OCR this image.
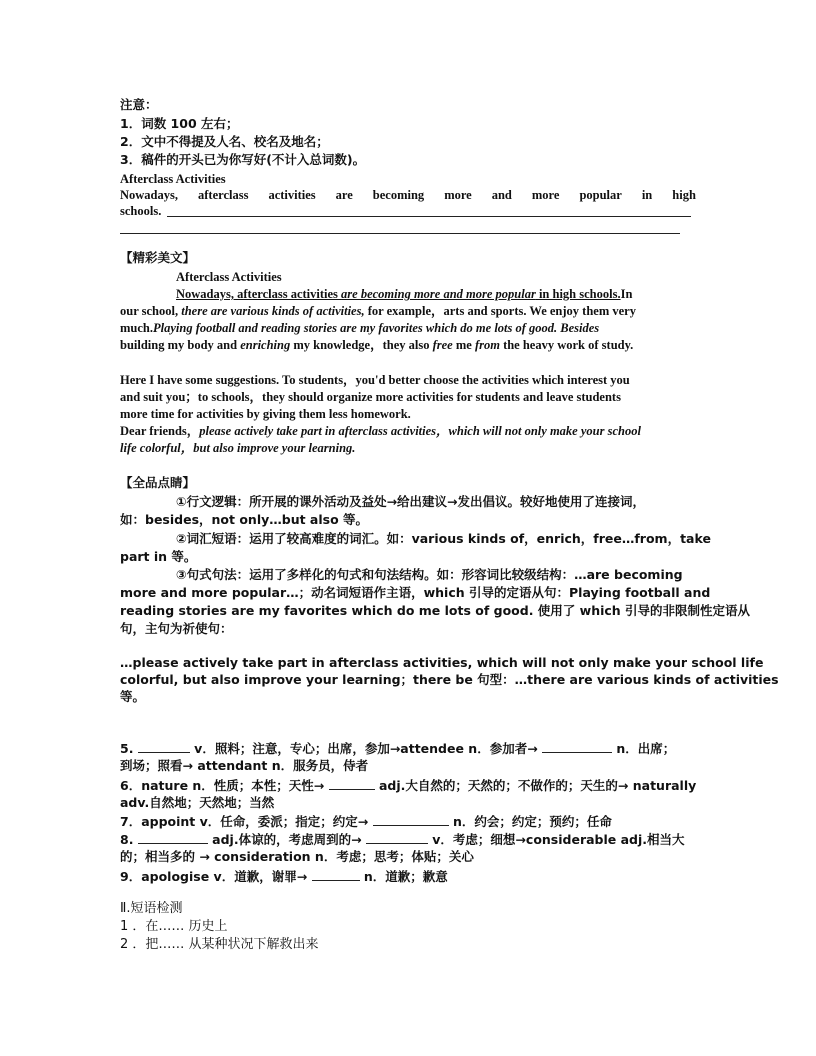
注意：
1．词数 100 左右；
2．文中不得提及人名、校名及地名；
3．稿件的开头已为你写好(不计入总词数)。
Afterclass Activities
Nowadays, afterclass activities are becoming more and more popular in high
schools.
【精彩美文】
Afterclass Activities
Nowadays, afterclass activities are becoming more and more popular in high schools.In
our school, there are various kinds of activities, for example，arts and sports. We enjoy them very
much.Playing football and reading stories are my favorites which do me lots of good. Besides
building my body and enriching my knowledge，they also free me from the heavy work of study.
Here I have some suggestions. To students，you'd better choose the activities which interest you
and suit you；to schools，they should organize more activities for students and leave students
more time for activities by giving them less homework.
Dear friends，please actively take part in afterclass activities，which will not only make your school
life colorful，but also improve your learning.
【全品点睛】
①行文逻辑：所开展的课外活动及益处→给出建议→发出倡议。较好地使用了连接词，
如：besides，not only…but also 等。
②词汇短语：运用了较高难度的词汇。如：various kinds of，enrich，free…from，take
part in 等。
③句式句法：运用了多样化的句式和句法结构。如：形容词比较级结构：…are becoming
more and more popular…；动名词短语作主语，which 引导的定语从句：Playing football and
reading stories are my favorites which do me lots of good. 使用了 which 引导的非限制性定语从
句，主句为祈使句：
…please actively take part in afterclass activities, which will not only make your school life
colorful, but also improve your learning；there be 句型：…there are various kinds of activities
等。
5.	v．照料；注意，专心；出席，参加→attendee n．参加者→	n．出席；
到场；照看→ attendant n．服务员，侍者
6．nature n．性质；本性；天性→	adj.大自然的；天然的；不做作的；天生的→ naturally
adv.自然地；天然地；当然
7．appoint v．任命，委派；指定；约定→	n．约会；约定；预约；任命
8.	adj.体谅的，考虑周到的→	v．考虑；细想→considerable adj.相当大
的；相当多的 → consideration n．考虑；思考；体贴；关心
9．apologise v．道歉，谢罪→	n．道歉；歉意
Ⅱ.短语检测
1 ．在…… 历史上
2 ．把…… 从某种状况下解救出来
